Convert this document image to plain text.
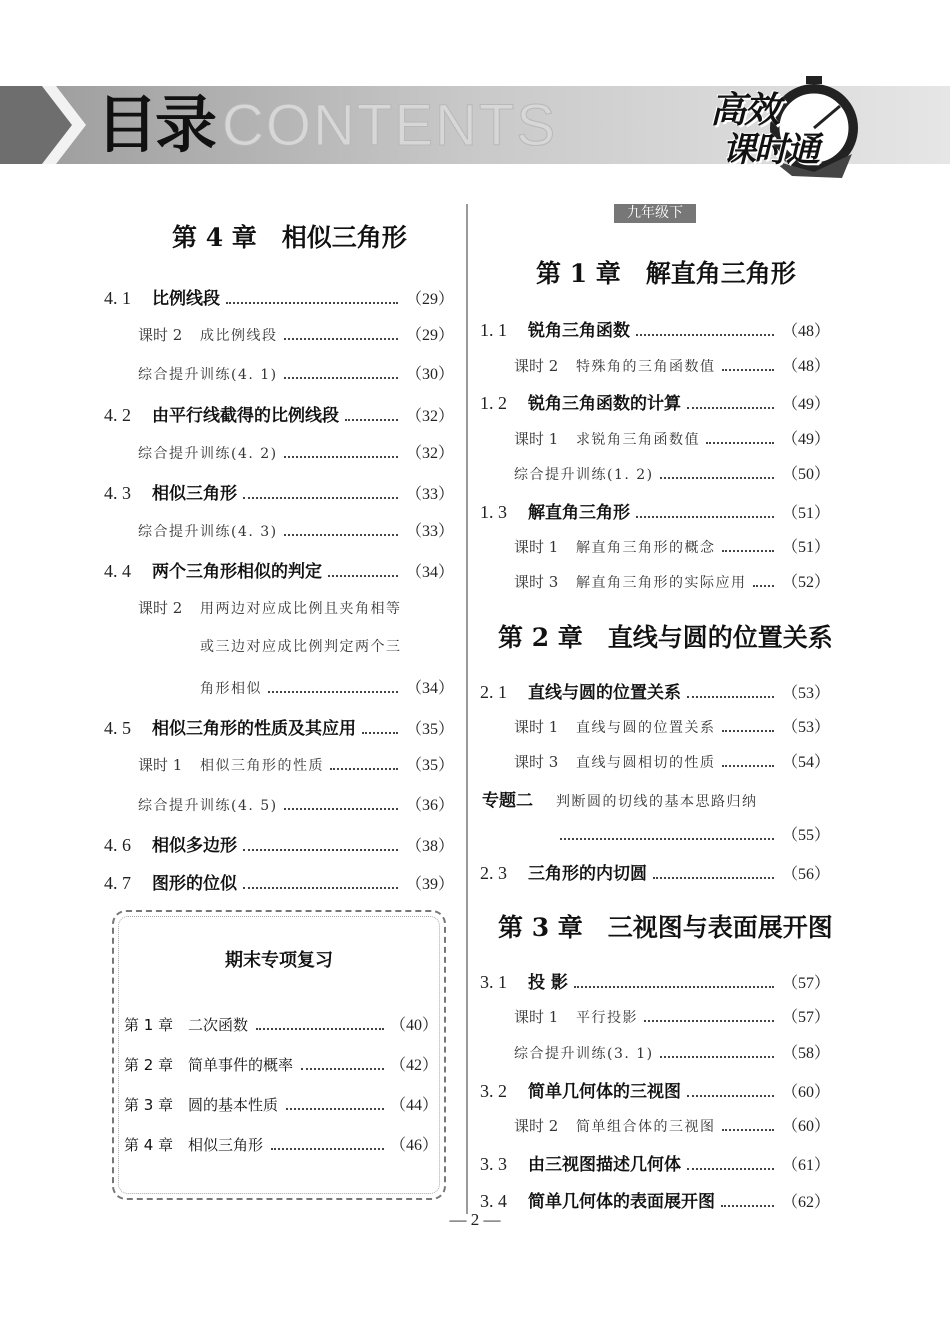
目录 CONTENTS	高效
课时通
第 4 章　相似三角形
4. 1	比例线段	（29）
课时 2	成比例线段	（29）
综合提升训练(4. 1)	（30）
4. 2	由平行线截得的比例线段	（32）
综合提升训练(4. 2)	（32）
4. 3	相似三角形	（33）
综合提升训练(4. 3)	（33）
4. 4	两个三角形相似的判定	（34）
课时 2	用两边对应成比例且夹角相等
或三边对应成比例判定两个三
角形相似	（34）
4. 5	相似三角形的性质及其应用	（35）
课时 1	相似三角形的性质	（35）
综合提升训练(4. 5)	（36）
4. 6	相似多边形	（38）
4. 7	图形的位似	（39）
期末专项复习
第 1 章 二次函数	（40）
第 2 章 简单事件的概率	（42）
第 3 章 圆的基本性质	（44）
第 4 章 相似三角形	（46）
九年级下
第 1 章　解直角三角形
1. 1	锐角三角函数	（48）
课时 2	特殊角的三角函数值	（48）
1. 2	锐角三角函数的计算	（49）
课时 1	求锐角三角函数值	（49）
综合提升训练(1. 2)	（50）
1. 3	解直角三角形	（51）
课时 1	解直角三角形的概念	（51）
课时 3	解直角三角形的实际应用 （52）
第 2 章　直线与圆的位置关系
2. 1	直线与圆的位置关系	（53）
课时 1	直线与圆的位置关系	（53）
课时 3	直线与圆相切的性质	（54）
专题二	判断圆的切线的基本思路归纳
（55）
2. 3	三角形的内切圆	（56）
第 3 章　三视图与表面展开图
3. 1	投 影	（57）
课时 1	平行投影	（57）
综合提升训练(3. 1)	（58）
3. 2	简单几何体的三视图	（60）
课时 2	简单组合体的三视图	（60）
3. 3	由三视图描述几何体	（61）
3. 4	简单几何体的表面展开图	（62）
— 2 —
